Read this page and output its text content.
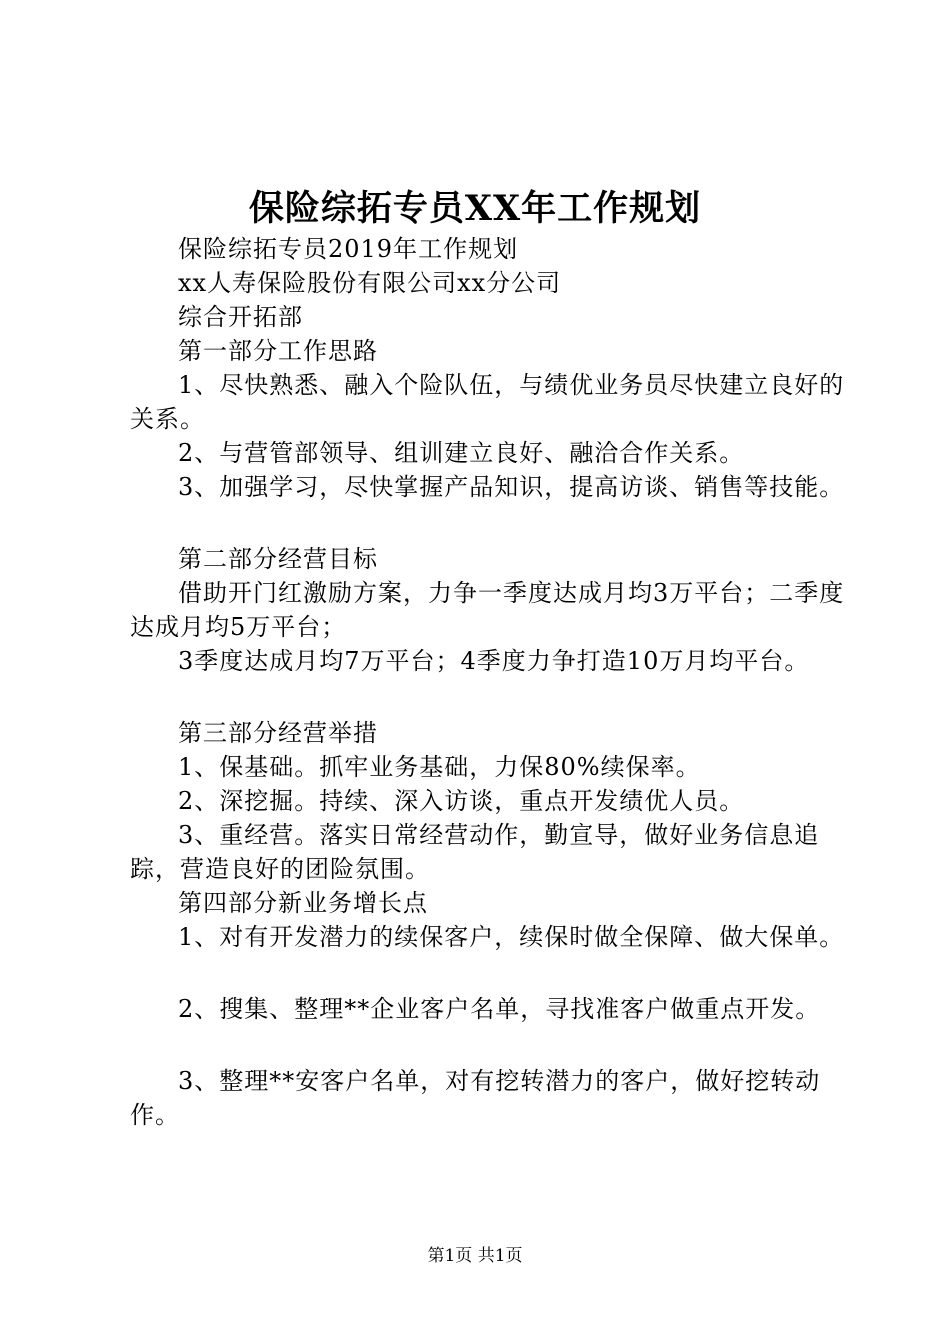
保险综拓专员XX年工作规划

保险综拓专员2019年工作规划

xx人寿保险股份有限公司xx分公司

综合开拓部

第一部分工作思路

1、尽快熟悉、融入个险队伍，与绩优业务员尽快建立良好的关系。

2、与营管部领导、组训建立良好、融洽合作关系。

3、加强学习，尽快掌握产品知识，提高访谈、销售等技能。

第二部分经营目标

借助开门红激励方案，力争一季度达成月均3万平台；二季度达成月均5万平台；

3季度达成月均7万平台；4季度力争打造10万月均平台。

第三部分经营举措

1、保基础。抓牢业务基础，力保80%续保率。

2、深挖掘。持续、深入访谈，重点开发绩优人员。

3、重经营。落实日常经营动作，勤宣导，做好业务信息追踪，营造良好的团险氛围。

第四部分新业务增长点

1、对有开发潜力的续保客户，续保时做全保障、做大保单。

2、搜集、整理**企业客户名单，寻找准客户做重点开发。

3、整理**安客户名单，对有挖转潜力的客户，做好挖转动作。

第1页 共1页
